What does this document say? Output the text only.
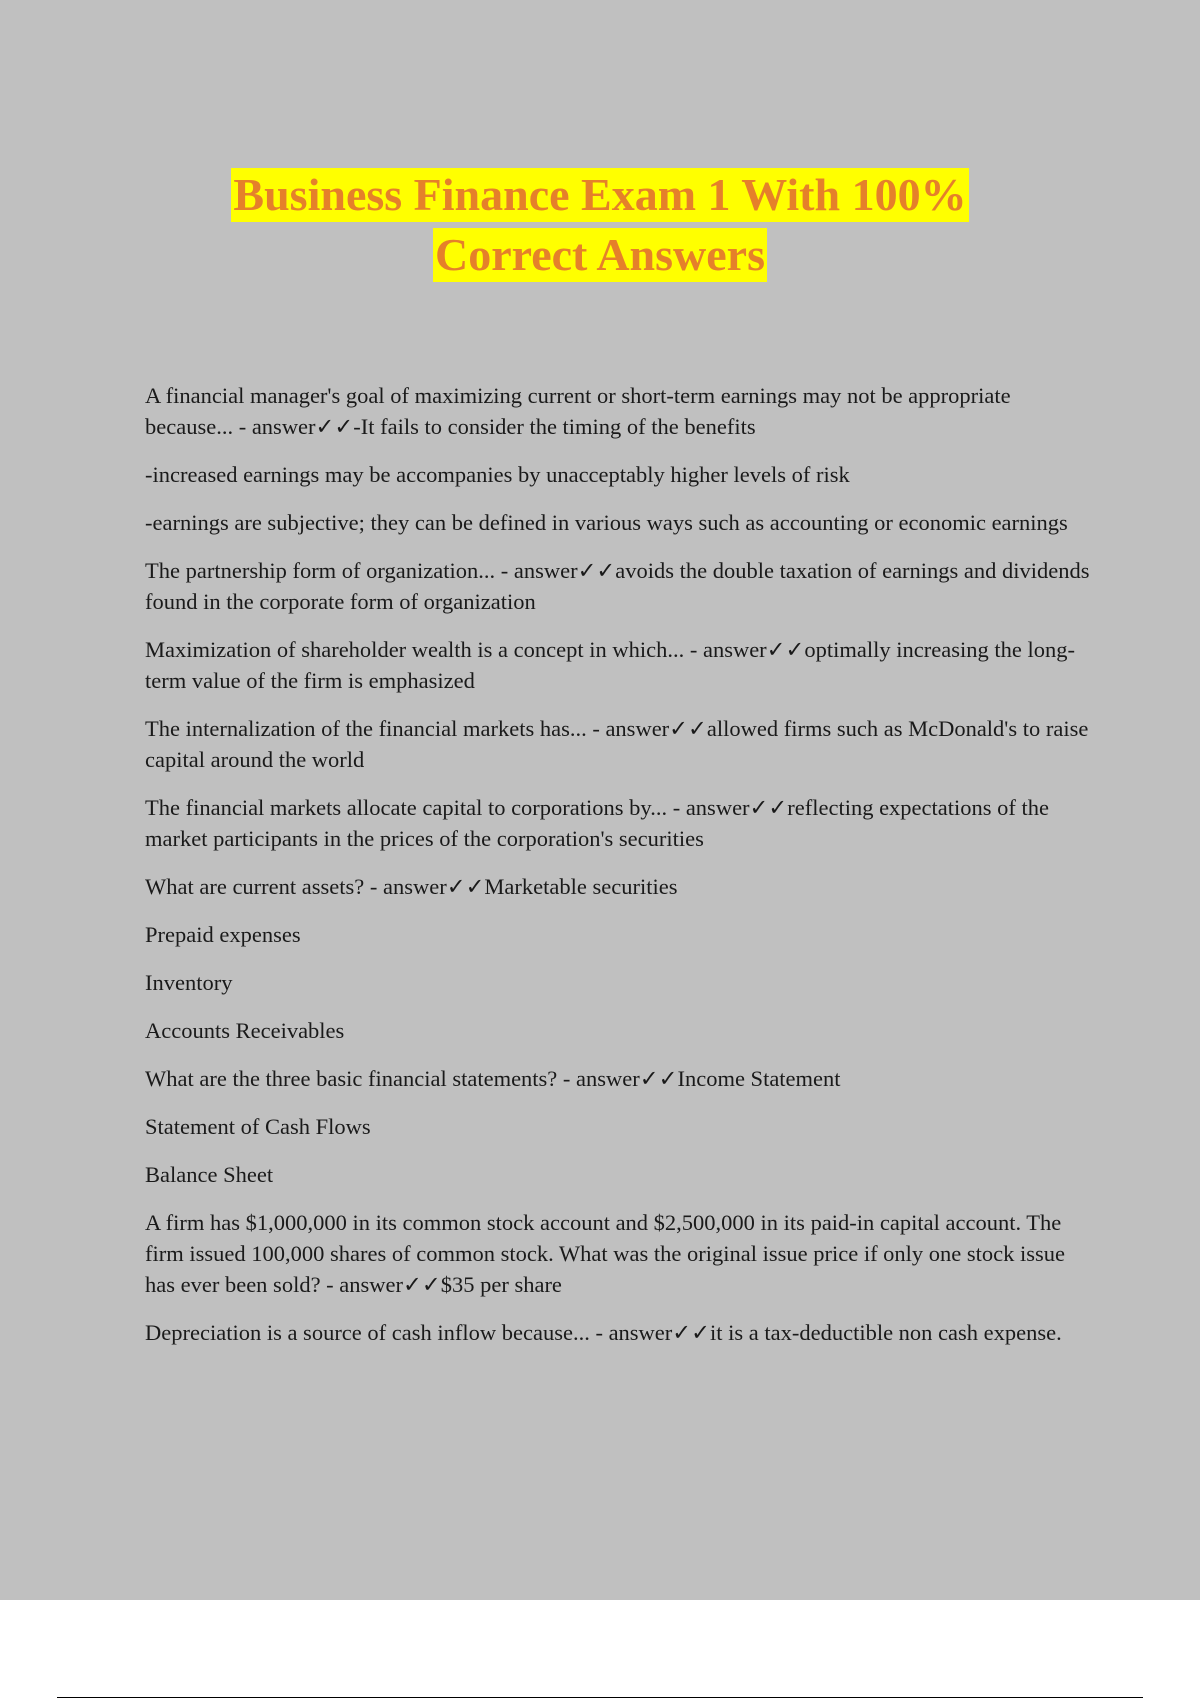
Business Finance Exam 1 With 100%
Correct Answers

A financial manager's goal of maximizing current or short-term earnings may not be appropriate because... - answer✓✓-It fails to consider the timing of the benefits

-increased earnings may be accompanies by unacceptably higher levels of risk

-earnings are subjective; they can be defined in various ways such as accounting or economic earnings

The partnership form of organization... - answer✓✓avoids the double taxation of earnings and dividends found in the corporate form of organization

Maximization of shareholder wealth is a concept in which... - answer✓✓optimally increasing the long-term value of the firm is emphasized

The internalization of the financial markets has... - answer✓✓allowed firms such as McDonald's to raise capital around the world

The financial markets allocate capital to corporations by... - answer✓✓reflecting expectations of the market participants in the prices of the corporation's securities

What are current assets? - answer✓✓Marketable securities

Prepaid expenses

Inventory

Accounts Receivables

What are the three basic financial statements? - answer✓✓Income Statement

Statement of Cash Flows

Balance Sheet

A firm has $1,000,000 in its common stock account and $2,500,000 in its paid-in capital account. The firm issued 100,000 shares of common stock. What was the original issue price if only one stock issue has ever been sold? - answer✓✓$35 per share

Depreciation is a source of cash inflow because... - answer✓✓it is a tax-deductible non cash expense.
